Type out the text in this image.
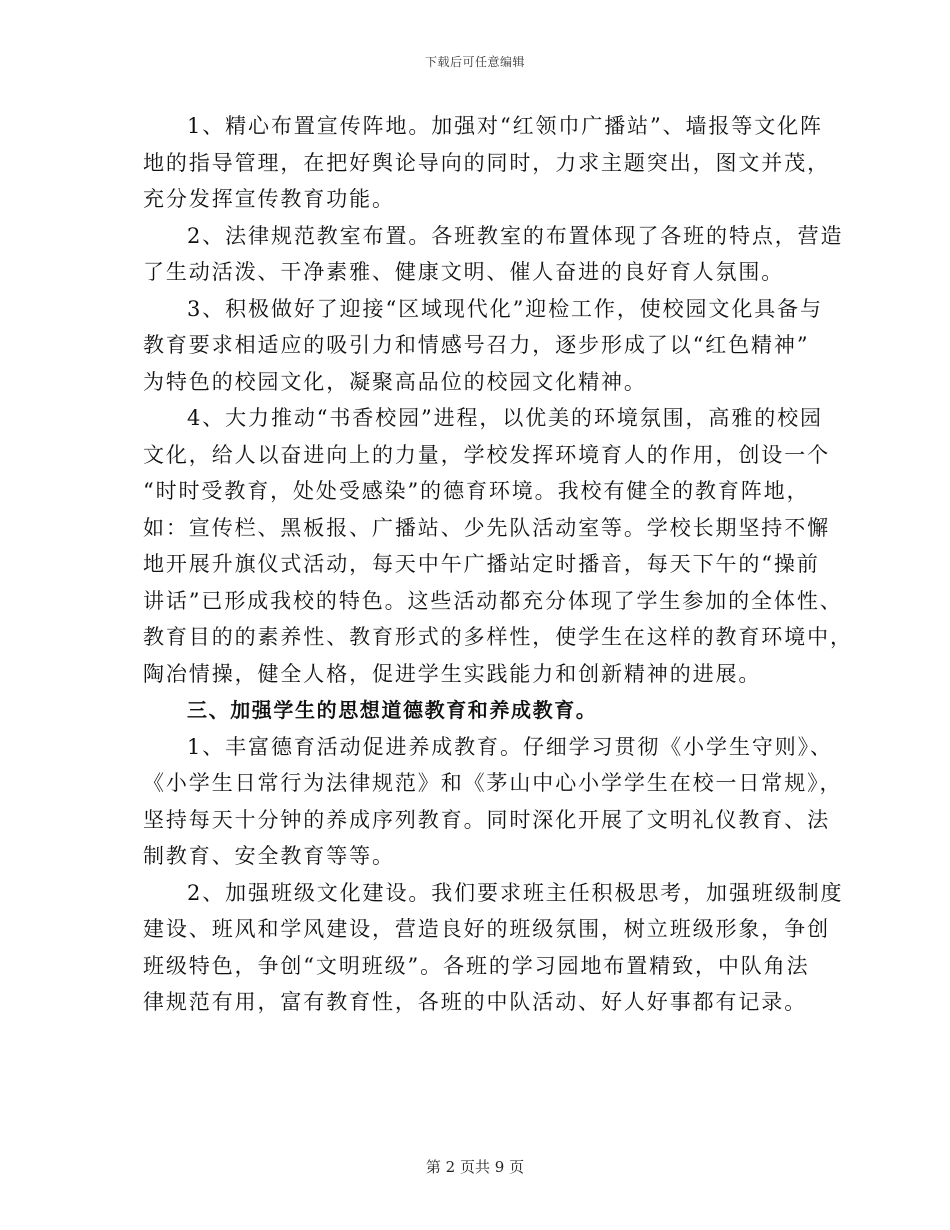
下载后可任意编辑
1、精心布置宣传阵地。加强对“红领巾广播站”、墙报等文化阵
地的指导管理，在把好舆论导向的同时，力求主题突出，图文并茂，
充分发挥宣传教育功能。
2、法律规范教室布置。各班教室的布置体现了各班的特点，营造
了生动活泼、干净素雅、健康文明、催人奋进的良好育人氛围。
3、积极做好了迎接“区域现代化”迎检工作，使校园文化具备与
教育要求相适应的吸引力和情感号召力，逐步形成了以“红色精神”
为特色的校园文化，凝聚高品位的校园文化精神。
4、大力推动“书香校园”进程，以优美的环境氛围，高雅的校园
文化，给人以奋进向上的力量，学校发挥环境育人的作用，创设一个
“时时受教育，处处受感染”的德育环境。我校有健全的教育阵地，
如：宣传栏、黑板报、广播站、少先队活动室等。学校长期坚持不懈
地开展升旗仪式活动，每天中午广播站定时播音，每天下午的“操前
讲话”已形成我校的特色。这些活动都充分体现了学生参加的全体性、
教育目的的素养性、教育形式的多样性，使学生在这样的教育环境中，
陶冶情操，健全人格，促进学生实践能力和创新精神的进展。
三、加强学生的思想道德教育和养成教育。
1、丰富德育活动促进养成教育。仔细学习贯彻《小学生守则》、
《小学生日常行为法律规范》和《茅山中心小学学生在校一日常规》，
坚持每天十分钟的养成序列教育。同时深化开展了文明礼仪教育、法
制教育、安全教育等等。
2、加强班级文化建设。我们要求班主任积极思考，加强班级制度
建设、班风和学风建设，营造良好的班级氛围，树立班级形象，争创
班级特色，争创“文明班级”。各班的学习园地布置精致，中队角法
律规范有用，富有教育性，各班的中队活动、好人好事都有记录。
第 2 页共 9 页
